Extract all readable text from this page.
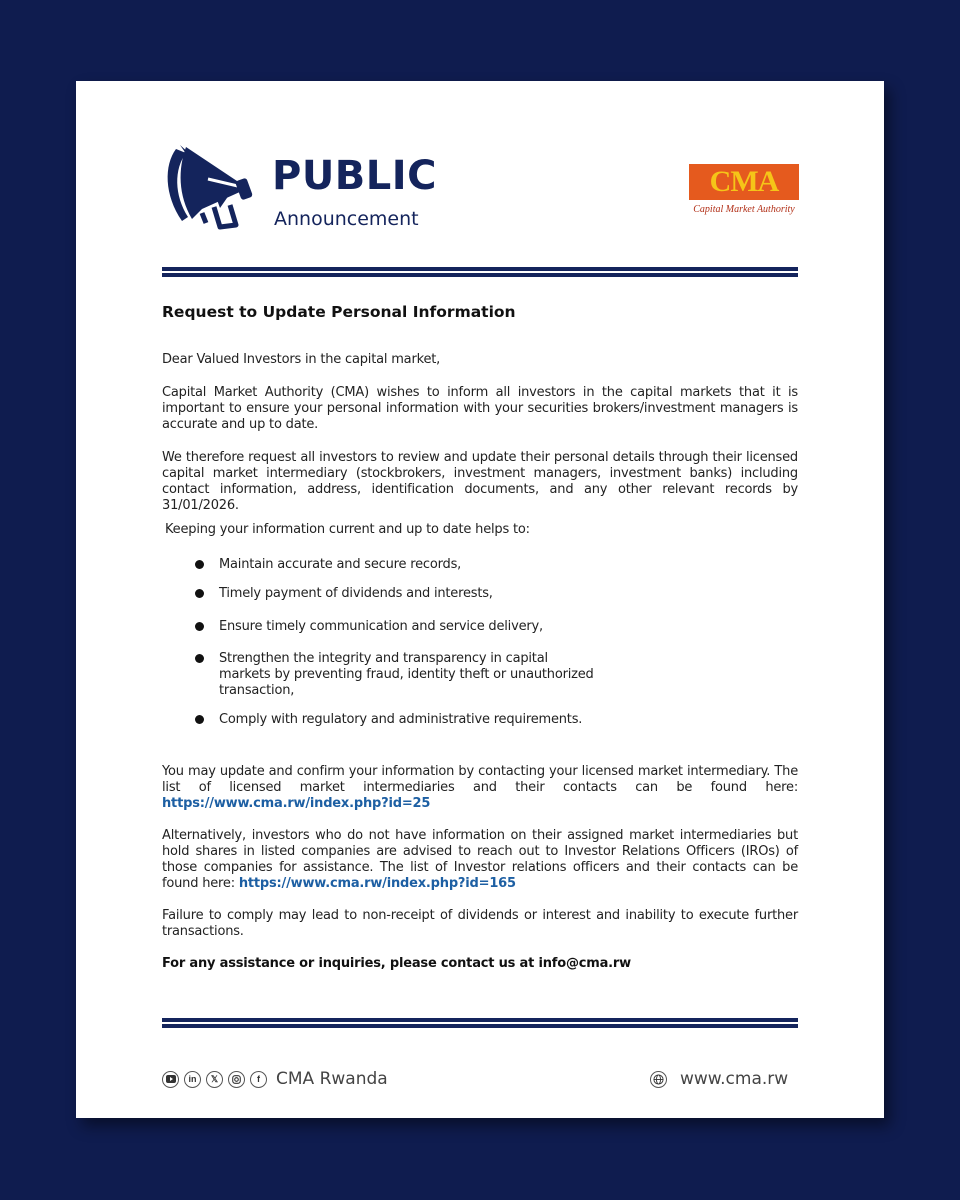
PUBLIC

Announcement

CMA
Capital Market Authority
Request to Update Personal Information

Dear Valued Investors in the capital market,

Capital Market Authority (CMA) wishes to inform all investors in the capital markets that it is important to ensure your personal information with your securities brokers/investment managers is accurate and up to date.

We therefore request all investors to review and update their personal details through their licensed capital market intermediary (stockbrokers, investment managers, investment banks) including contact information, address, identification documents, and any other relevant records by 31/01/2026.

Keeping your information current and up to date helps to:

Maintain accurate and secure records,
Timely payment of dividends and interests,
Ensure timely communication and service delivery,
Strengthen the integrity and transparency in capital markets by preventing fraud, identity theft or unauthorized transaction,
Comply with regulatory and administrative requirements.

You may update and confirm your information by contacting your licensed market intermediary. The list of licensed market intermediaries and their contacts can be found here: https://www.cma.rw/index.php?id=25

Alternatively, investors who do not have information on their assigned market intermediaries but hold shares in listed companies are advised to reach out to Investor Relations Officers (IROs) of those companies for assistance. The list of Investor relations officers and their contacts can be found here: https://www.cma.rw/index.php?id=165

Failure to comply may lead to non-receipt of dividends or interest and inability to execute further transactions.

For any assistance or inquiries, please contact us at info@cma.rw

in	𝕏	f CMA Rwanda	www.cma.rw
